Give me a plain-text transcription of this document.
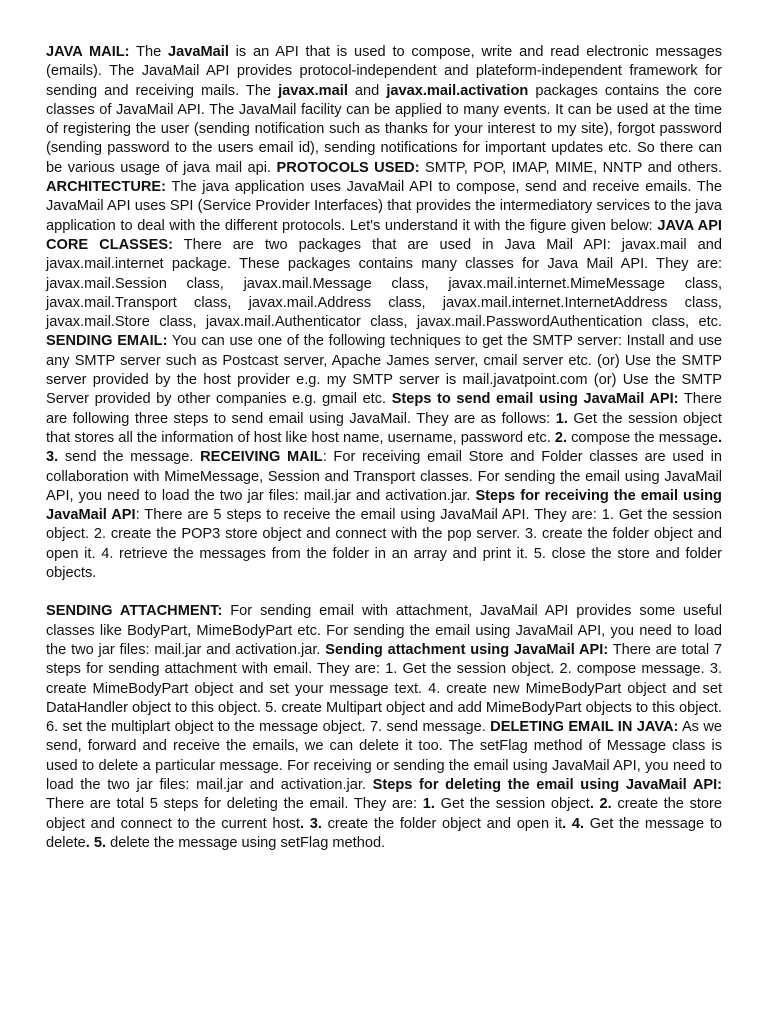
JAVA MAIL: The JavaMail is an API that is used to compose, write and read electronic messages (emails). The JavaMail API provides protocol-independent and plateform-independent framework for sending and receiving mails. The javax.mail and javax.mail.activation packages contains the core classes of JavaMail API. The JavaMail facility can be applied to many events. It can be used at the time of registering the user (sending notification such as thanks for your interest to my site), forgot password (sending password to the users email id), sending notifications for important updates etc. So there can be various usage of java mail api. PROTOCOLS USED: SMTP, POP, IMAP, MIME, NNTP and others. ARCHITECTURE: The java application uses JavaMail API to compose, send and receive emails. The JavaMail API uses SPI (Service Provider Interfaces) that provides the intermediatory services to the java application to deal with the different protocols. Let's understand it with the figure given below: JAVA API CORE CLASSES: There are two packages that are used in Java Mail API: javax.mail and javax.mail.internet package. These packages contains many classes for Java Mail API. They are: javax.mail.Session class, javax.mail.Message class, javax.mail.internet.MimeMessage class, javax.mail.Transport class, javax.mail.Address class, javax.mail.internet.InternetAddress class, javax.mail.Store class, javax.mail.Authenticator class, javax.mail.PasswordAuthentication class, etc. SENDING EMAIL: You can use one of the following techniques to get the SMTP server: Install and use any SMTP server such as Postcast server, Apache James server, cmail server etc. (or) Use the SMTP server provided by the host provider e.g. my SMTP server is mail.javatpoint.com (or) Use the SMTP Server provided by other companies e.g. gmail etc. Steps to send email using JavaMail API: There are following three steps to send email using JavaMail. They are as follows: 1. Get the session object that stores all the information of host like host name, username, password etc. 2. compose the message. 3. send the message. RECEIVING MAIL: For receiving email Store and Folder classes are used in collaboration with MimeMessage, Session and Transport classes. For sending the email using JavaMail API, you need to load the two jar files: mail.jar and activation.jar. Steps for receiving the email using JavaMail API: There are 5 steps to receive the email using JavaMail API. They are: 1. Get the session object. 2. create the POP3 store object and connect with the pop server. 3. create the folder object and open it. 4. retrieve the messages from the folder in an array and print it. 5. close the store and folder objects.

SENDING ATTACHMENT: For sending email with attachment, JavaMail API provides some useful classes like BodyPart, MimeBodyPart etc. For sending the email using JavaMail API, you need to load the two jar files: mail.jar and activation.jar. Sending attachment using JavaMail API: There are total 7 steps for sending attachment with email. They are: 1. Get the session object. 2. compose message. 3. create MimeBodyPart object and set your message text. 4. create new MimeBodyPart object and set DataHandler object to this object. 5. create Multipart object and add MimeBodyPart objects to this object. 6. set the multiplart object to the message object. 7. send message. DELETING EMAIL IN JAVA: As we send, forward and receive the emails, we can delete it too. The setFlag method of Message class is used to delete a particular message. For receiving or sending the email using JavaMail API, you need to load the two jar files: mail.jar and activation.jar. Steps for deleting the email using JavaMail API: There are total 5 steps for deleting the email. They are: 1. Get the session object. 2. create the store object and connect to the current host. 3. create the folder object and open it. 4. Get the message to delete. 5. delete the message using setFlag method.
